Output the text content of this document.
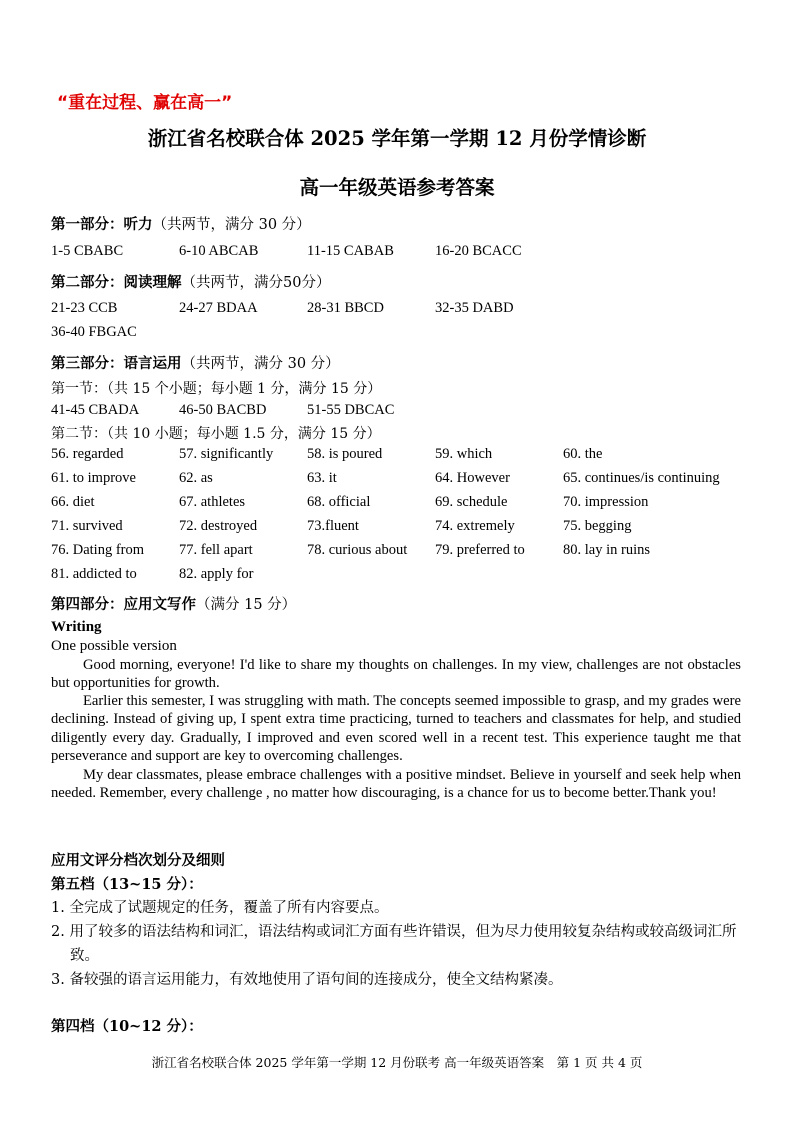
“重在过程、赢在高一”
浙江省名校联合体 2025 学年第一学期 12 月份学情诊断
高一年级英语参考答案
第一部分：听力（共两节，满分 30 分）
1-5 CBABC	6-10 ABCAB	11-15 CABAB	16-20 BCACC
第二部分：阅读理解（共两节，满分50分）
21-23 CCB	24-27 BDAA	28-31 BBCD	32-35 DABD
36-40 FBGAC
第三部分：语言运用（共两节，满分 30 分）
第一节：（共 15 个小题；每小题 1 分，满分 15 分）
41-45 CBADA	46-50 BACBD	51-55 DBCAC
第二节：（共 10 小题；每小题 1.5 分，满分 15 分）
56. regarded	57. significantly 58. is poured	59. which	60. the
61. to improve	62. as	63. it	64. However	65. continues/is continuing
66. diet	67. athletes	68. official	69. schedule	70. impression
71. survived	72. destroyed	73.fluent	74. extremely	75. begging
76. Dating from 77. fell apart	78. curious about 79. preferred to	80. lay in ruins
81. addicted to	82. apply for
第四部分：应用文写作（满分 15 分）
Writing
One possible version
Good morning, everyone! I'd like to share my thoughts on challenges. In my view, challenges are not obstacles but opportunities for growth.
Earlier this semester, I was struggling with math. The concepts seemed impossible to grasp, and my grades were declining. Instead of giving up, I spent extra time practicing, turned to teachers and classmates for help, and studied diligently every day. Gradually, I improved and even scored well in a recent test. This experience taught me that perseverance and support are key to overcoming challenges.
My dear classmates, please embrace challenges with a positive mindset. Believe in yourself and seek help when needed. Remember, every challenge , no matter how discouraging, is a chance for us to become better.Thank you!
应用文评分档次划分及细则
第五档（13~15 分）：
1. 全完成了试题规定的任务，覆盖了所有内容要点。
2. 用了较多的语法结构和词汇，语法结构或词汇方面有些许错误，但为尽力使用较复杂结构或较高级词汇所致。
3. 备较强的语言运用能力，有效地使用了语句间的连接成分，使全文结构紧凑。
第四档（10~12 分）：
浙江省名校联合体 2025 学年第一学期 12 月份联考 高一年级英语答案　第 1 页 共 4 页
